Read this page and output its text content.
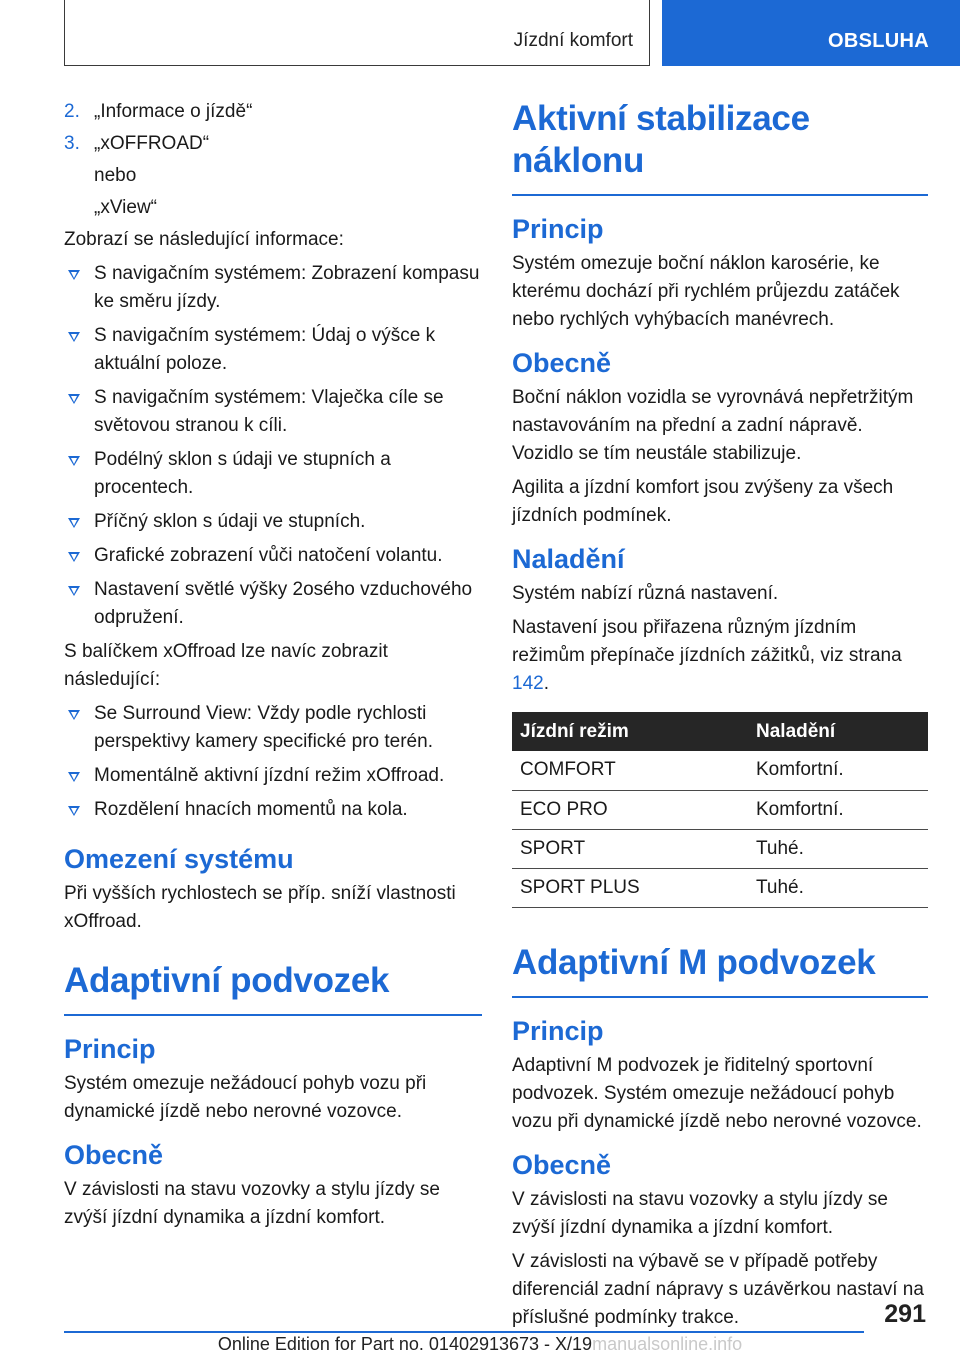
Jízdní komfort	OBSLUHA
2. „Informace o jízdě“
3. „xOFFROAD“

nebo

„xView“

Zobrazí se následující informace:

S navigačním systémem: Zobrazení kompasu ke směru jízdy.
S navigačním systémem: Údaj o výšce k aktuální poloze.
S navigačním systémem: Vlaječka cíle se světovou stranou k cíli.
Podélný sklon s údaji ve stupních a procentech.
Příčný sklon s údaji ve stupních.
Grafické zobrazení vůči natočení volantu.
Nastavení světlé výšky 2osého vzduchového odpružení.

S balíčkem xOffroad lze navíc zobrazit následující:

Se Surround View: Vždy podle rychlosti perspektivy kamery specifické pro terén.
Momentálně aktivní jízdní režim xOffroad.
Rozdělení hnacích momentů na kola.
Omezení systému

Při vyšších rychlostech se příp. sníží vlastnosti xOffroad.

Adaptivní podvozek
Princip

Systém omezuje nežádoucí pohyb vozu při dynamické jízdě nebo nerovné vozovce.

Obecně

V závislosti na stavu vozovky a stylu jízdy se zvýší jízdní dynamika a jízdní komfort.

Aktivní stabilizace náklonu
Princip

Systém omezuje boční náklon karosérie, ke kterému dochází při rychlém průjezdu zatáček nebo rychlých vyhýbacích manévrech.

Obecně

Boční náklon vozidla se vyrovnává nepřetržitým nastavováním na přední a zadní nápravě. Vozidlo se tím neustále stabilizuje.

Agilita a jízdní komfort jsou zvýšeny za všech jízdních podmínek.

Naladění

Systém nabízí různá nastavení.

Nastavení jsou přiřazena různým jízdním režimům přepínače jízdních zážitků, viz strana 142.

Jízdní režim	Naladění
COMFORT	Komfortní.
ECO PRO	Komfortní.
SPORT	Tuhé.
SPORT PLUS	Tuhé.
Adaptivní M podvozek
Princip

Adaptivní M podvozek je řiditelný sportovní podvozek. Systém omezuje nežádoucí pohyb vozu při dynamické jízdě nebo nerovné vozovce.

Obecně

V závislosti na stavu vozovky a stylu jízdy se zvýší jízdní dynamika a jízdní komfort.

V závislosti na výbavě se v případě potřeby diferenciál zadní nápravy s uzávěrkou nastaví na příslušné podmínky trakce.	291
Online Edition for Part no. 01402913673 - X/19manualsonline.info
